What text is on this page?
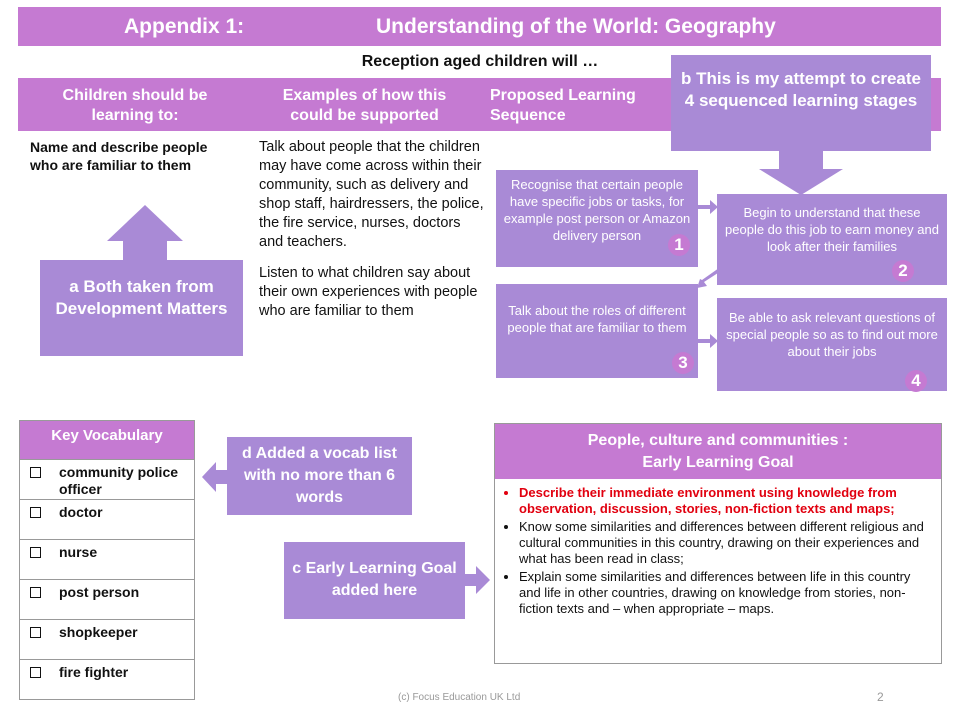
Appendix 1:	Understanding of the World: Geography
Reception aged children will …
Children should be learning to:
Examples of how this could be supported
Proposed Learning Sequence
Name and describe people who are familiar to them
Talk about people that the children may have come across within their community, such as delivery and shop staff, hairdressers, the police, the fire service, nurses, doctors and teachers.
Listen to what children say about their own experiences with people who are familiar to them
a Both taken from Development Matters
b This is my attempt to create 4 sequenced learning stages
Recognise that certain people have specific jobs or tasks, for example post person or Amazon delivery person	1
Begin to understand that these people do this job to earn money and look after their families
2
Talk about the roles of different people that are familiar to them
3
Be able to ask relevant questions of special people so as to find out more about their jobs
4
Key Vocabulary
community police officer
doctor
nurse
post person
shopkeeper
fire fighter
d Added a vocab list with no more than 6 words
c Early Learning Goal added here
People, culture and communities :
Early Learning Goal
• Describe their immediate environment using knowledge from observation, discussion, stories, non-fiction texts and maps;
• Know some similarities and differences between different religious and cultural communities in this country, drawing on their experiences and what has been read in class;
• Explain some similarities and differences between life in this country and life in other countries, drawing on knowledge from stories, non-fiction texts and – when appropriate – maps.
(c) Focus Education UK Ltd	2
